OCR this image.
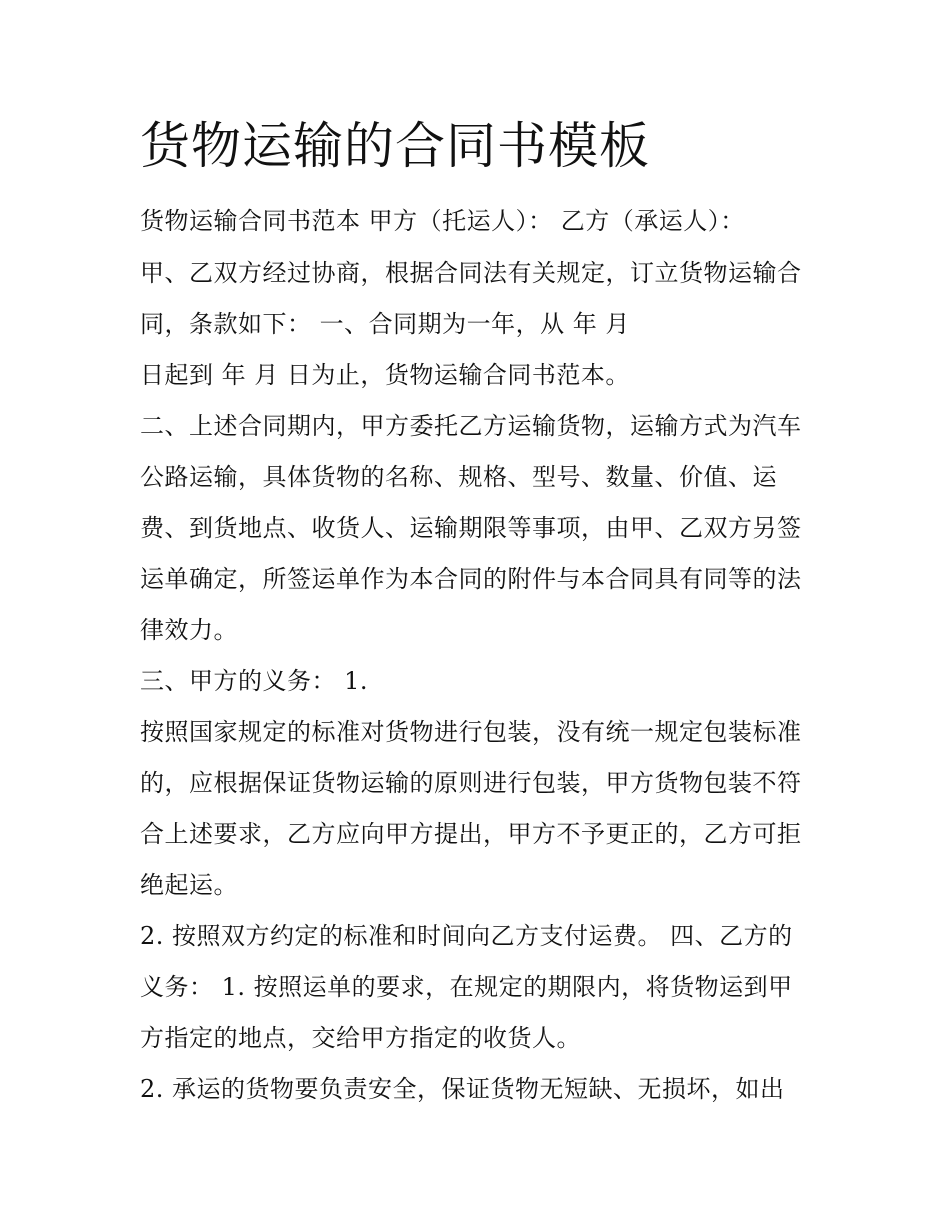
货物运输的合同书模板
货物运输合同书范本 甲方（托运人）： 乙方（承运人）：
甲、乙双方经过协商，根据合同法有关规定，订立货物运输合
同，条款如下： 一、合同期为一年，从 年 月
日起到 年 月 日为止，货物运输合同书范本。
二、上述合同期内，甲方委托乙方运输货物，运输方式为汽车
公路运输，具体货物的名称、规格、型号、数量、价值、运
费、到货地点、收货人、运输期限等事项，由甲、乙双方另签
运单确定，所签运单作为本合同的附件与本合同具有同等的法
律效力。
三、甲方的义务： 1.
按照国家规定的标准对货物进行包装，没有统一规定包装标准
的，应根据保证货物运输的原则进行包装，甲方货物包装不符
合上述要求，乙方应向甲方提出，甲方不予更正的，乙方可拒
绝起运。
2. 按照双方约定的标准和时间向乙方支付运费。 四、乙方的
义务： 1. 按照运单的要求，在规定的期限内，将货物运到甲
方指定的地点，交给甲方指定的收货人。
2. 承运的货物要负责安全，保证货物无短缺、无损坏，如出
